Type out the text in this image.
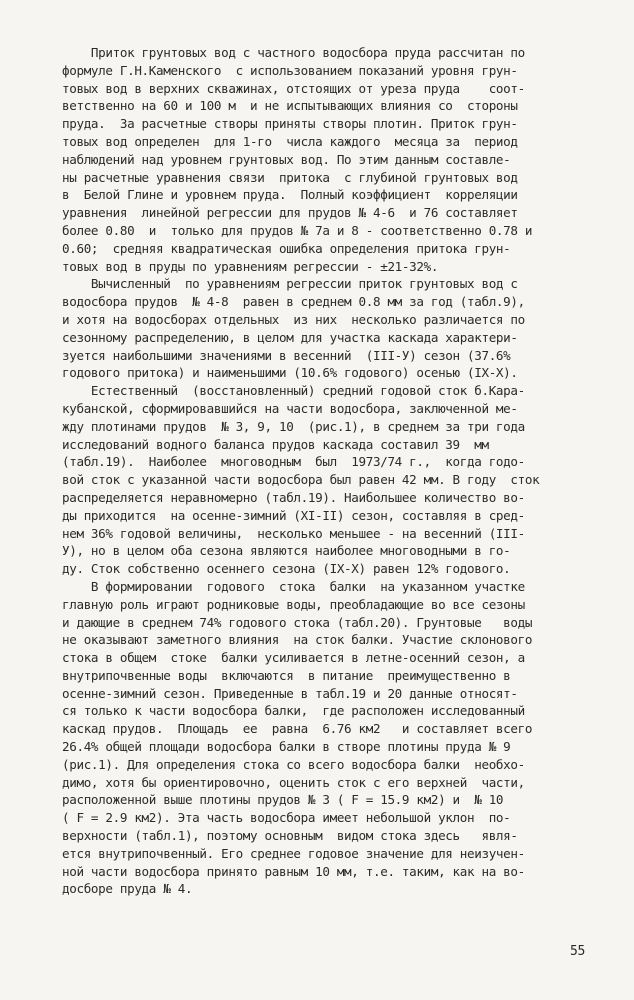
Приток грунтовых вод с частного водосбора пруда рассчитан по
формуле Г.Н.Каменского  с использованием показаний уровня грун-
товых вод в верхних скважинах, отстоящих от уреза пруда    соот-
ветственно на 60 и 100 м  и не испытывающих влияния со  стороны
пруда.  За расчетные створы приняты створы плотин. Приток грун-
товых вод определен  для 1-го  числа каждого  месяца за  период
наблюдений над уровнем грунтовых вод. По этим данным составле-
ны расчетные уравнения связи  притока  с глубиной грунтовых вод
в  Белой Глине и уровнем пруда.  Полный коэффициент  корреляции
уравнения  линейной регрессии для прудов № 4-6  и 76 составляет
более 0.80  и  только для прудов № 7а и 8 - соответственно 0.78 и
0.60;  средняя квадратическая ошибка определения притока грун-
товых вод в пруды по уравнениям регрессии - ±21-32%.
Вычисленный  по уравнениям регрессии приток грунтовых вод с
водосбора прудов  № 4-8  равен в среднем 0.8 мм за год (табл.9),
и хотя на водосборах отдельных  из них  несколько различается по
сезонному распределению, в целом для участка каскада характери-
зуется наибольшими значениями в весенний  (III-У) сезон (37.6%
годового притока) и наименьшими (10.6% годового) осенью (IX-X).
Естественный  (восстановленный) средний годовой сток б.Кара-
кубанской, сформировавшийся на части водосбора, заключенной ме-
жду плотинами прудов  № 3, 9, 10  (рис.1), в среднем за три года
исследований водного баланса прудов каскада составил 39  мм
(табл.19).  Наиболее  многоводным  был  1973/74 г.,  когда годо-
вой сток с указанной части водосбора был равен 42 мм. В году  сток
распределяется неравномерно (табл.19). Наибольшее количество во-
ды приходится  на осенне-зимний (XI-II) сезон, составляя в сред-
нем 36% годовой величины,  несколько меньшее - на весенний (III-
У), но в целом оба сезона являются наиболее многоводными в го-
ду. Сток собственно осеннего сезона (IX-X) равен 12% годового.
В формировании  годового  стока  балки  на указанном участке
главную роль играют родниковые воды, преобладающие во все сезоны
и дающие в среднем 74% годового стока (табл.20). Грунтовые   воды
не оказывают заметного влияния  на сток балки. Участие склонового
стока в общем  стоке  балки усиливается в летне-осенний сезон, а
внутрипочвенные воды  включаются  в питание  преимущественно в
осенне-зимний сезон. Приведенные в табл.19 и 20 данные относят-
ся только к части водосбора балки,  где расположен исследованный
каскад прудов.  Площадь  ее  равна  6.76 км2   и составляет всего
26.4% общей площади водосбора балки в створе плотины пруда № 9
(рис.1). Для определения стока со всего водосбора балки  необхо-
димо, хотя бы ориентировочно, оценить сток с его верхней  части,
расположенной выше плотины прудов № 3 ( F = 15.9 км2) и  № 10
( F = 2.9 км2). Эта часть водосбора имеет небольшой уклон  по-
верхности (табл.1), поэтому основным  видом стока здесь   явля-
ется внутрипочвенный. Его среднее годовое значение для неизучен-
ной части водосбора принято равным 10 мм, т.е. таким, как на во-
досборе пруда № 4.
55
